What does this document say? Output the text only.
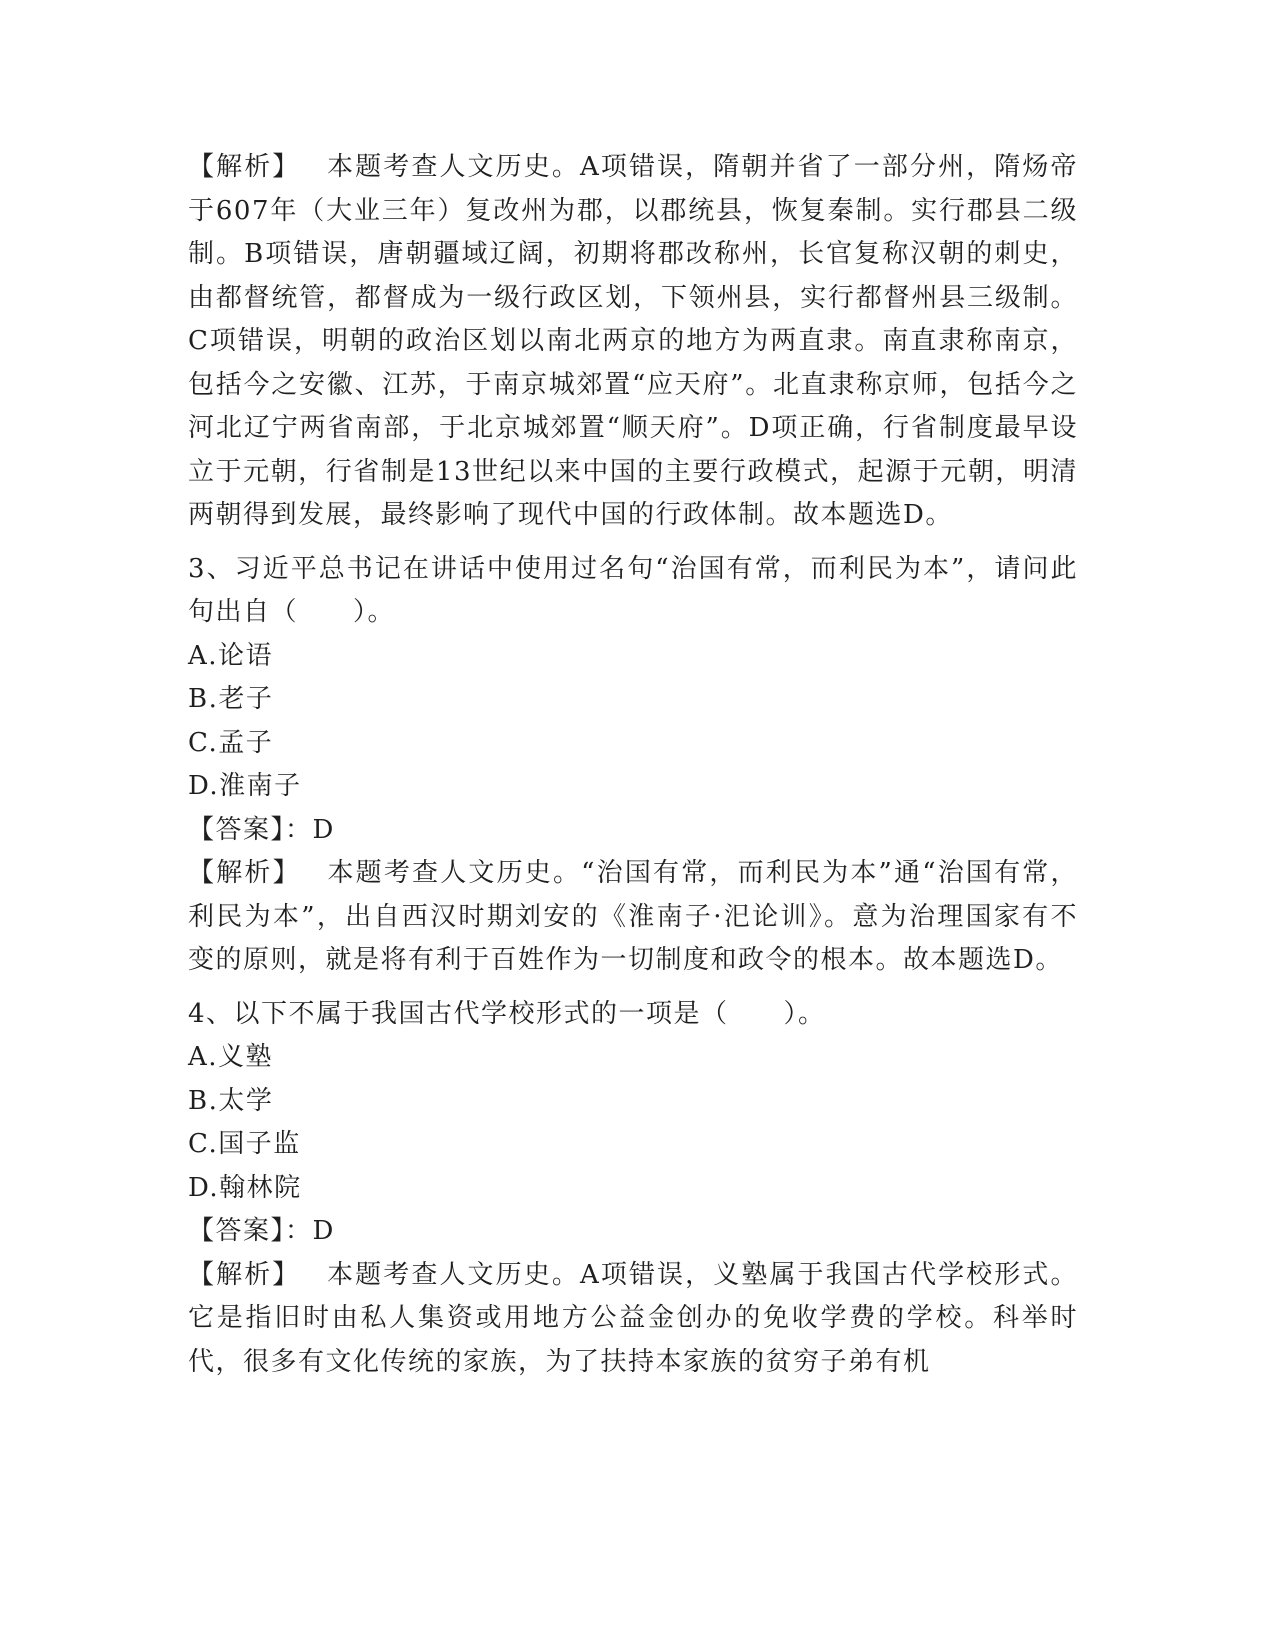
【解析】 本题考查人文历史。A项错误，隋朝并省了一部分州，隋炀帝于607年（大业三年）复改州为郡，以郡统县，恢复秦制。实行郡县二级制。B项错误，唐朝疆域辽阔，初期将郡改称州，长官复称汉朝的刺史，由都督统管，都督成为一级行政区划，下领州县，实行都督州县三级制。C项错误，明朝的政治区划以南北两京的地方为两直隶。南直隶称南京，包括今之安徽、江苏，于南京城郊置“应天府”。北直隶称京师，包括今之河北辽宁两省南部，于北京城郊置“顺天府”。D项正确，行省制度最早设立于元朝，行省制是13世纪以来中国的主要行政模式，起源于元朝，明清两朝得到发展，最终影响了现代中国的行政体制。故本题选D。

3、习近平总书记在讲话中使用过名句“治国有常，而利民为本”，请问此句出自（　　）。

A.论语

B.老子

C.孟子

D.淮南子

【答案】：D

【解析】 本题考查人文历史。“治国有常，而利民为本”通“治国有常，利民为本”，出自西汉时期刘安的《淮南子·汜论训》。意为治理国家有不变的原则，就是将有利于百姓作为一切制度和政令的根本。故本题选D。

4、以下不属于我国古代学校形式的一项是（　　）。

A.义塾

B.太学

C.国子监

D.翰林院

【答案】：D

【解析】 本题考查人文历史。A项错误，义塾属于我国古代学校形式。它是指旧时由私人集资或用地方公益金创办的免收学费的学校。科举时代，很多有文化传统的家族，为了扶持本家族的贫穷子弟有机
